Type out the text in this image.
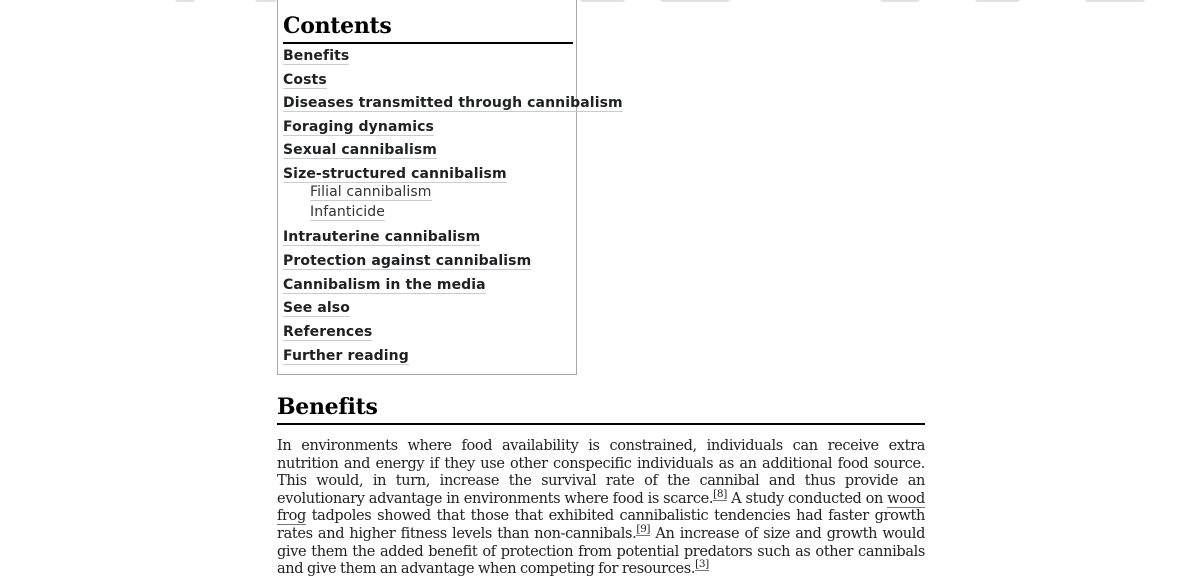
Contents
Benefits
Costs
Diseases transmitted through cannibalism
Foraging dynamics
Sexual cannibalism
Size-structured cannibalism
Filial cannibalism
Infanticide
Intrauterine cannibalism
Protection against cannibalism
Cannibalism in the media
See also
References
Further reading
Benefits

In environments where food availability is constrained, individuals can receive extra nutrition and energy if they use other conspecific individuals as an additional food source. This would, in turn, increase the survival rate of the cannibal and thus provide an evolutionary advantage in environments where food is scarce.[8] A study conducted on wood frog tadpoles showed that those that exhibited cannibalistic tendencies had faster growth rates and higher fitness levels than non-cannibals.[9] An increase of size and growth would give them the added benefit of protection from potential predators such as other cannibals and give them an advantage when competing for resources.[3]
